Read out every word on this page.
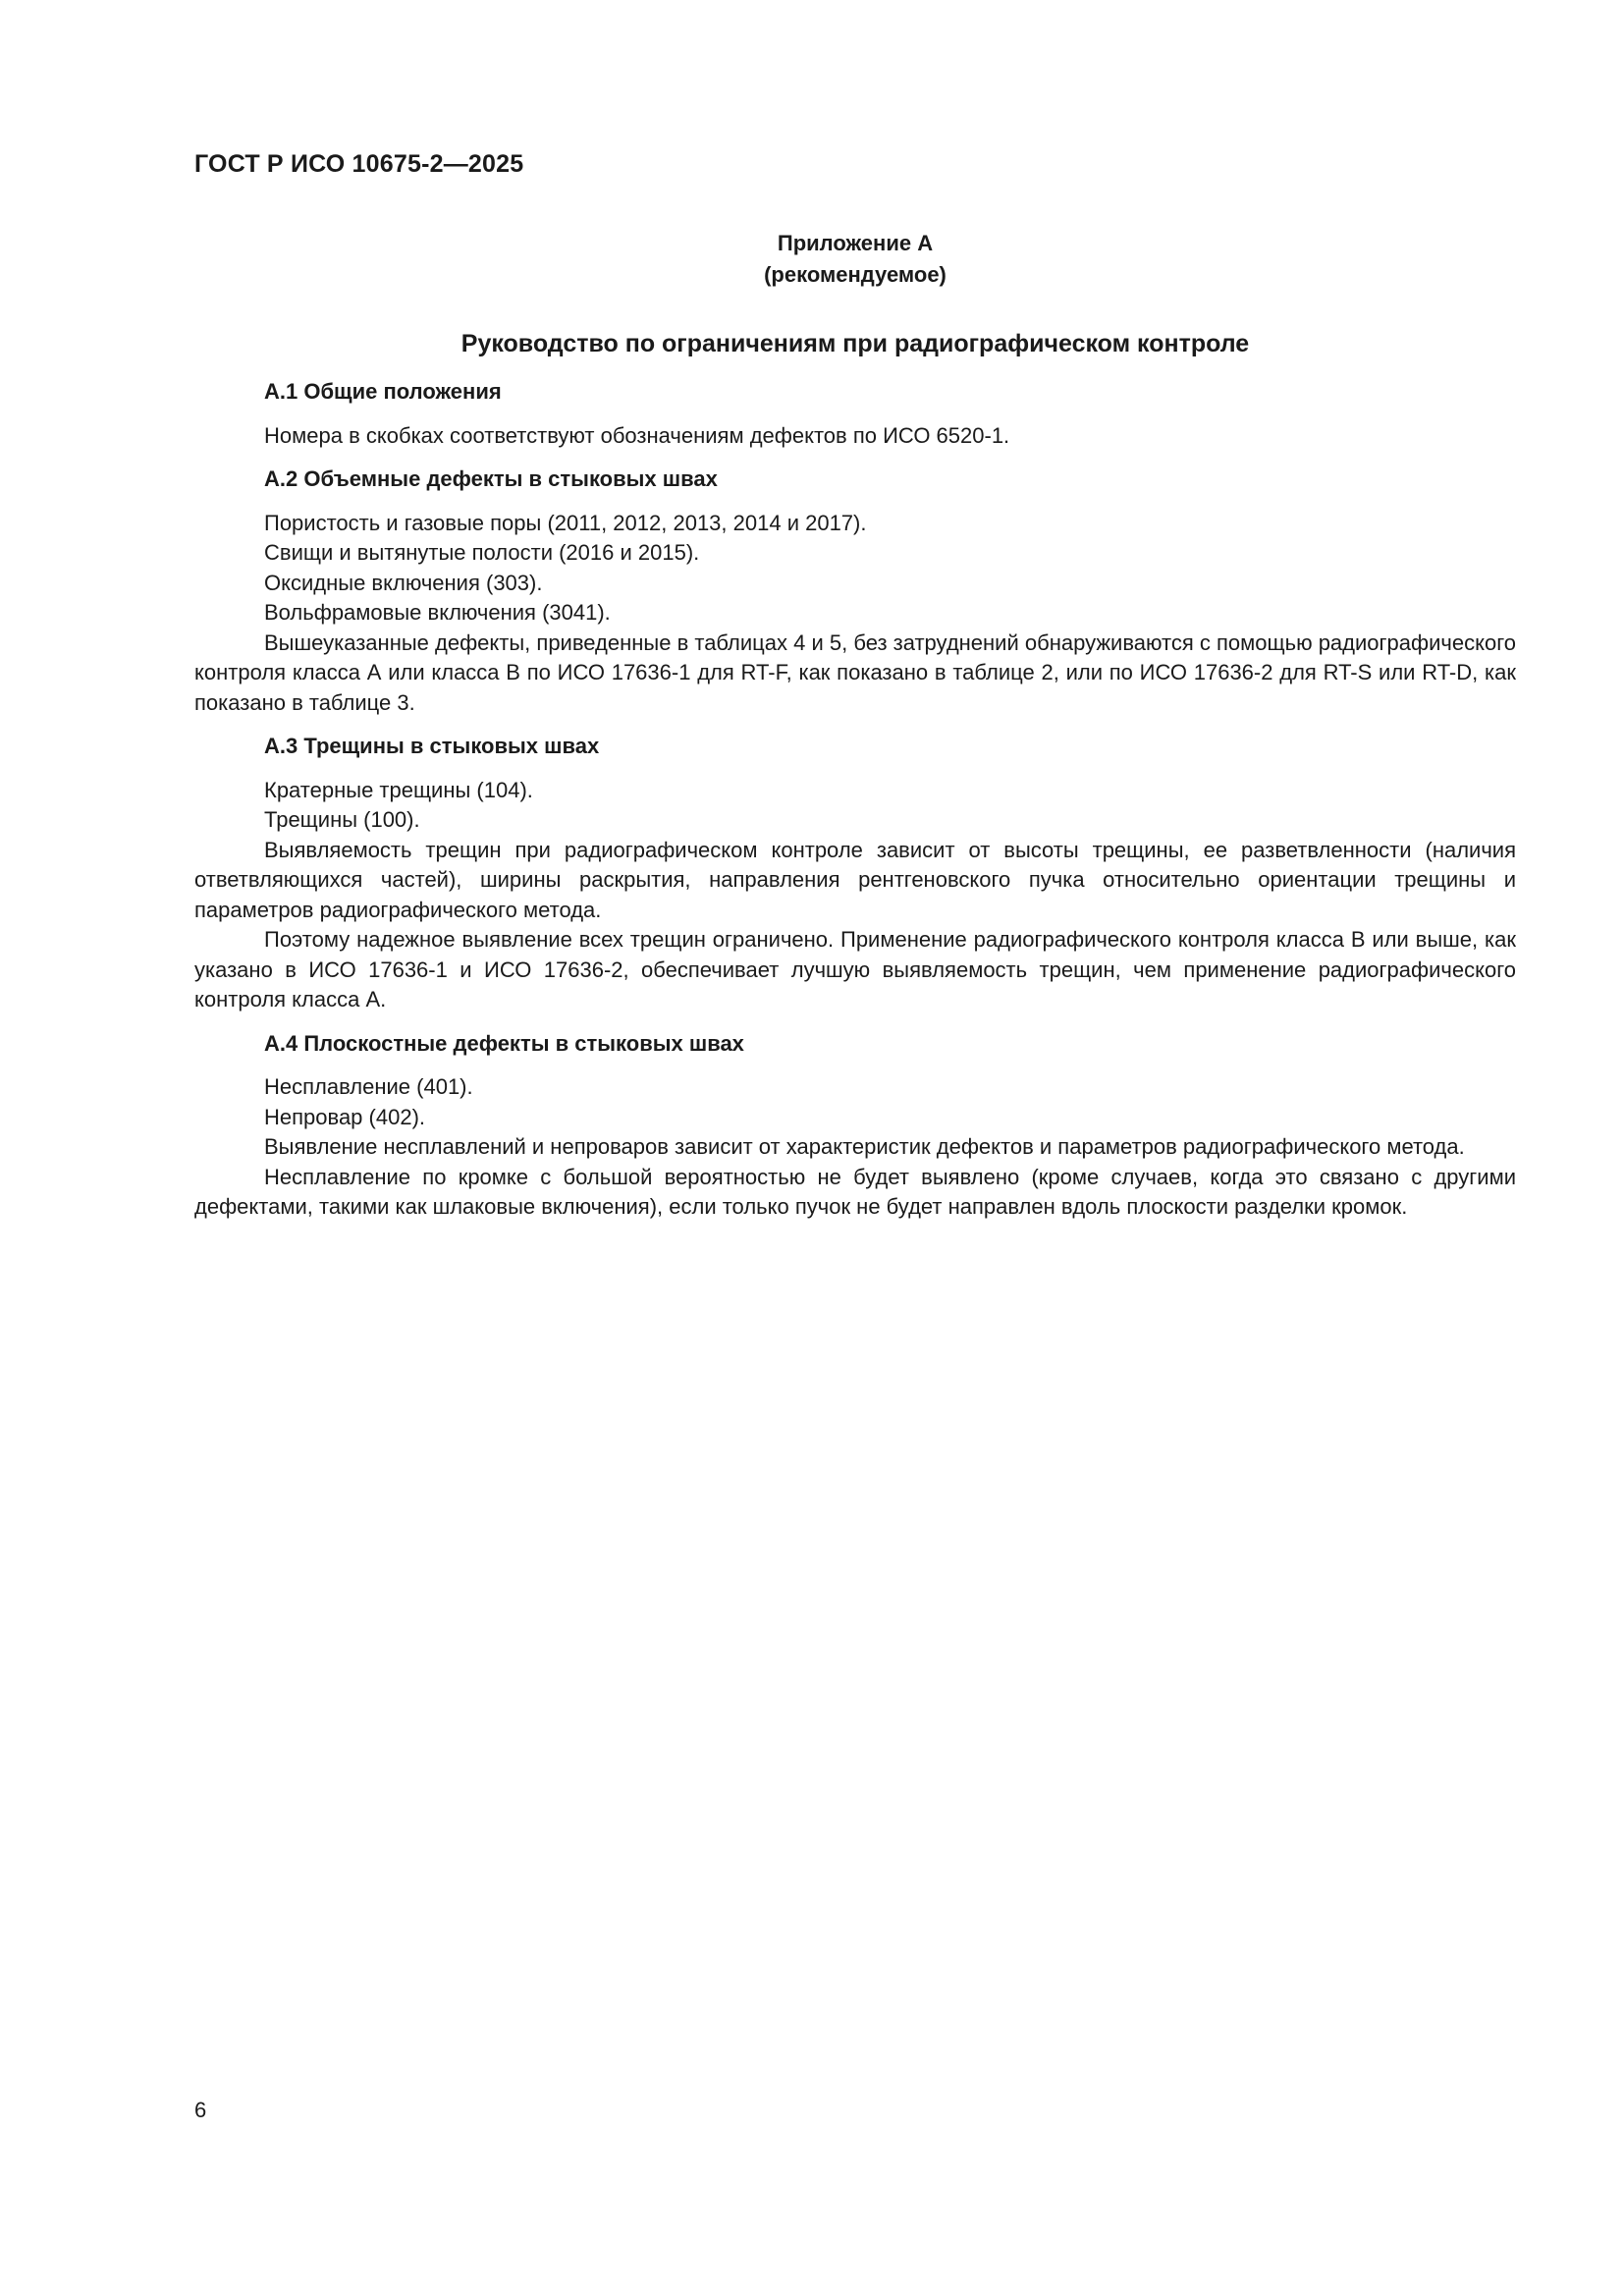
ГОСТ Р ИСО 10675-2—2025
Приложение А
(рекомендуемое)
Руководство по ограничениям при радиографическом контроле
А.1 Общие положения
Номера в скобках соответствуют обозначениям дефектов по ИСО 6520-1.
А.2 Объемные дефекты в стыковых швах
Пористость и газовые поры (2011, 2012, 2013, 2014 и 2017).
Свищи и вытянутые полости (2016 и 2015).
Оксидные включения (303).
Вольфрамовые включения (3041).

Вышеуказанные дефекты, приведенные в таблицах 4 и 5, без затруднений обнаруживаются с помощью радиографического контроля класса А или класса В по ИСО 17636-1 для RT-F, как показано в таблице 2, или по ИСО 17636-2 для RT-S или RT-D, как показано в таблице 3.

А.3 Трещины в стыковых швах
Кратерные трещины (104).
Трещины (100).

Выявляемость трещин при радиографическом контроле зависит от высоты трещины, ее разветвленности (наличия ответвляющихся частей), ширины раскрытия, направления рентгеновского пучка относительно ориентации трещины и параметров радиографического метода.

Поэтому надежное выявление всех трещин ограничено. Применение радиографического контроля класса В или выше, как указано в ИСО 17636-1 и ИСО 17636-2, обеспечивает лучшую выявляемость трещин, чем применение радиографического контроля класса А.

А.4 Плоскостные дефекты в стыковых швах
Несплавление (401).
Непровар (402).

Выявление несплавлений и непроваров зависит от характеристик дефектов и параметров радиографического метода.

Несплавление по кромке с большой вероятностью не будет выявлено (кроме случаев, когда это связано с другими дефектами, такими как шлаковые включения), если только пучок не будет направлен вдоль плоскости разделки кромок.

6
